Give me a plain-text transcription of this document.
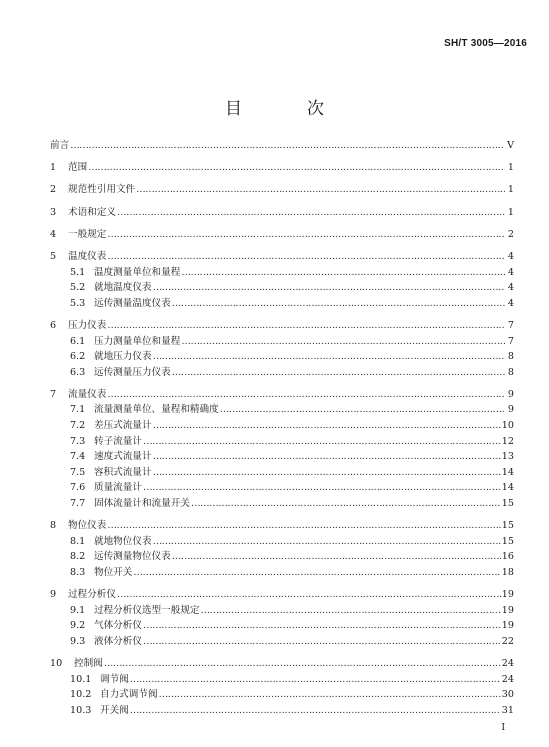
SH/T 3005—2016
目　次
前言 ……………………………………………………………………………………………………………………………………………………………………	V
1	范围 ……………………………………………………………………………………………………………………………………………………………………	1
2	规范性引用文件 ……………………………………………………………………………………………………………………………………………………………………	1
3	术语和定义 ……………………………………………………………………………………………………………………………………………………………………	1
4	一般规定 ……………………………………………………………………………………………………………………………………………………………………	2
5	温度仪表 ……………………………………………………………………………………………………………………………………………………………………	4
5.1 温度测量单位和量程 ……………………………………………………………………………………………………………………………………………………………………	4
5.2 就地温度仪表 ……………………………………………………………………………………………………………………………………………………………………	4
5.3 远传测量温度仪表 ……………………………………………………………………………………………………………………………………………………………………	4
6	压力仪表 ……………………………………………………………………………………………………………………………………………………………………	7
6.1 压力测量单位和量程 ……………………………………………………………………………………………………………………………………………………………………	7
6.2 就地压力仪表 ……………………………………………………………………………………………………………………………………………………………………	8
6.3 远传测量压力仪表 ……………………………………………………………………………………………………………………………………………………………………	8
7	流量仪表 ……………………………………………………………………………………………………………………………………………………………………	9
7.1 流量测量单位、量程和精确度 ……………………………………………………………………………………………………………………………………………………………………	9
7.2 差压式流量计 ……………………………………………………………………………………………………………………………………………………………………	10
7.3 转子流量计 ……………………………………………………………………………………………………………………………………………………………………	12
7.4 速度式流量计 ……………………………………………………………………………………………………………………………………………………………………	13
7.5 容积式流量计 ……………………………………………………………………………………………………………………………………………………………………	14
7.6 质量流量计 ……………………………………………………………………………………………………………………………………………………………………	14
7.7 固体流量计和流量开关 ……………………………………………………………………………………………………………………………………………………………………	15
8	物位仪表 ……………………………………………………………………………………………………………………………………………………………………	15
8.1 就地物位仪表 ……………………………………………………………………………………………………………………………………………………………………	15
8.2 远传测量物位仪表 ……………………………………………………………………………………………………………………………………………………………………	16
8.3 物位开关 ……………………………………………………………………………………………………………………………………………………………………	18
9	过程分析仪 ……………………………………………………………………………………………………………………………………………………………………	19
9.1 过程分析仪选型一般规定 ……………………………………………………………………………………………………………………………………………………………………	19
9.2 气体分析仪 ……………………………………………………………………………………………………………………………………………………………………	19
9.3 液体分析仪 ……………………………………………………………………………………………………………………………………………………………………	22
10	控制阀 ……………………………………………………………………………………………………………………………………………………………………	24
10.1 调节阀 ……………………………………………………………………………………………………………………………………………………………………	24
10.2 自力式调节阀 ……………………………………………………………………………………………………………………………………………………………………	30
10.3 开关阀 ……………………………………………………………………………………………………………………………………………………………………	31
I
